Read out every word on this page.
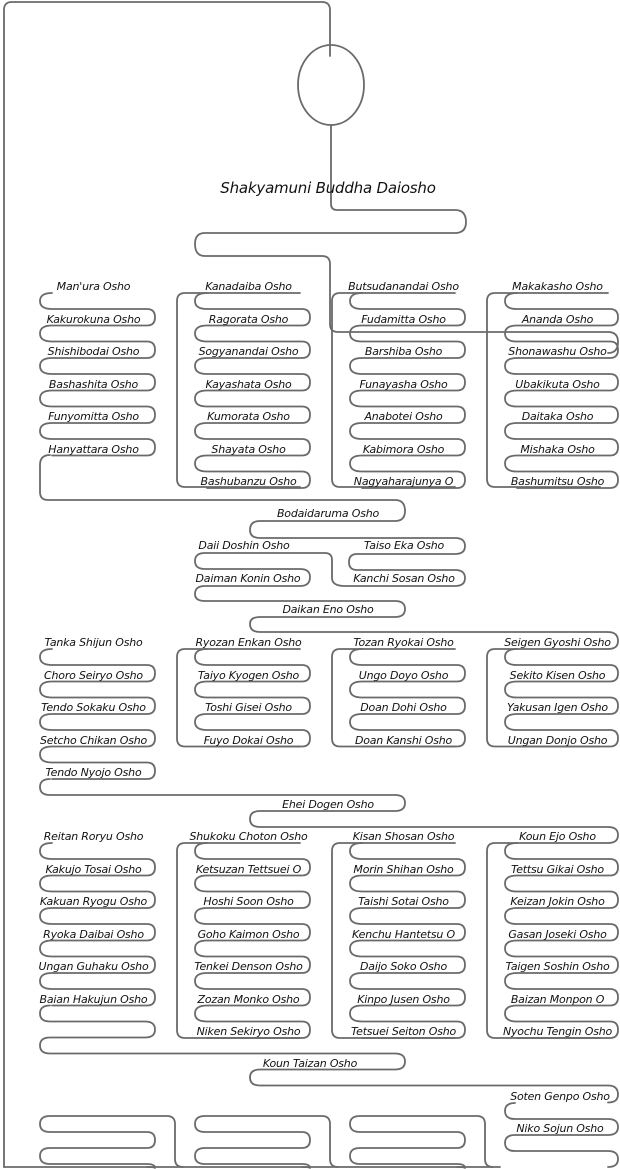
Makakasho Osho
Ananda Osho
Shonawashu Osho
Ubakikuta Osho
Daitaka Osho
Mishaka Osho
Bashumitsu Osho
Butsudanandai Osho
Fudamitta Osho
Barshiba Osho
Funayasha Osho
Anabotei Osho
Kabimora Osho
Nagyaharajunya O
Kanadaiba Osho
Ragorata Osho
Sogyanandai Osho
Kayashata Osho
Kumorata Osho
Shayata Osho
Bashubanzu Osho
Man'ura Osho
Kakurokuna Osho
Shishibodai Osho
Bashashita Osho
Funyomitta Osho
Hanyattara Osho
Bodaidaruma Osho
Daii Doshin Osho
Daiman Konin Osho
Taiso Eka Osho
Kanchi Sosan Osho
Daikan Eno Osho
Seigen Gyoshi Osho
Sekito Kisen Osho
Yakusan Igen Osho
Ungan Donjo Osho
Tozan Ryokai Osho
Ungo Doyo Osho
Doan Dohi Osho
Doan Kanshi Osho
Ryozan Enkan Osho
Taiyo Kyogen Osho
Toshi Gisei Osho
Fuyo Dokai Osho
Tanka Shijun Osho
Choro Seiryo Osho
Tendo Sokaku Osho
Setcho Chikan Osho
Tendo Nyojo Osho
Ehei Dogen Osho
Koun Ejo Osho
Tettsu Gikai Osho
Keizan Jokin Osho
Gasan Joseki Osho
Taigen Soshin Osho
Baizan Monpon O
Nyochu Tengin Osho
Kisan Shosan Osho
Morin Shihan Osho
Taishi Sotai Osho
Kenchu Hantetsu O
Daijo Soko Osho
Kinpo Jusen Osho
Tetsuei Seiton Osho
Shukoku Choton Osho
Ketsuzan Tettsuei O
Hoshi Soon Osho
Goho Kaimon Osho
Tenkei Denson Osho
Zozan Monko Osho
Niken Sekiryo Osho
Reitan Roryu Osho
Kakujo Tosai Osho
Kakuan Ryogu Osho
Ryoka Daibai Osho
Ungan Guhaku Osho
Baian Hakujun Osho
Koun Taizan Osho
Soten Genpo Osho
Niko Sojun Osho
Shakyamuni Buddha Daiosho
